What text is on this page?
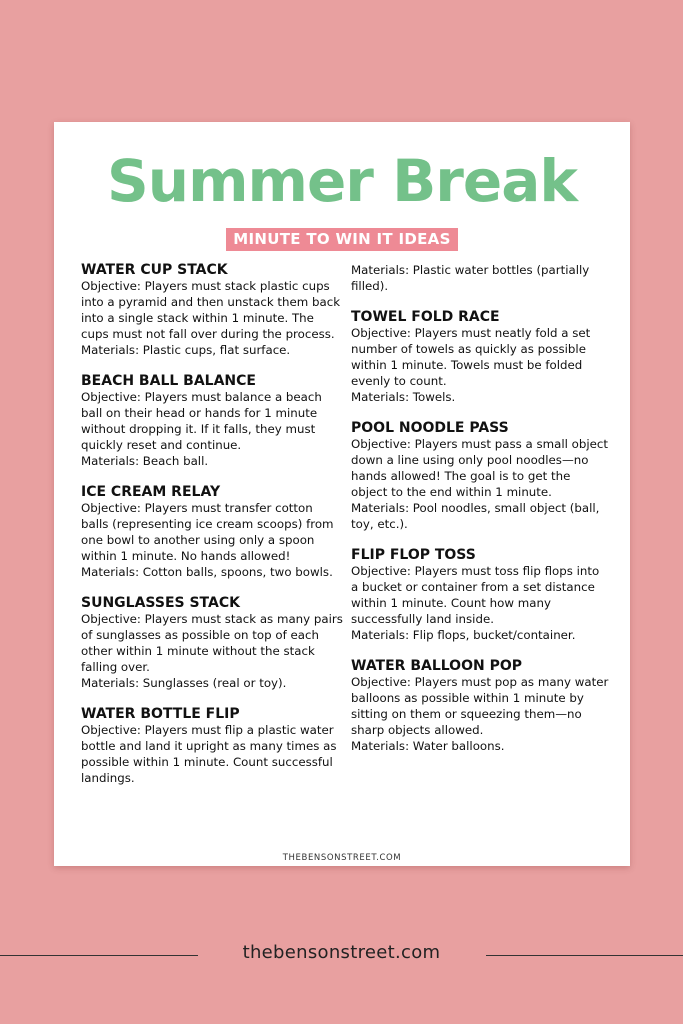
Summer Break
MINUTE TO WIN IT IDEAS
WATER CUP STACK
Objective: Players must stack plastic cups into a pyramid and then unstack them back into a single stack within 1 minute. The cups must not fall over during the process.
Materials: Plastic cups, flat surface.
BEACH BALL BALANCE
Objective: Players must balance a beach ball on their head or hands for 1 minute without dropping it. If it falls, they must quickly reset and continue.
Materials: Beach ball.
ICE CREAM RELAY
Objective: Players must transfer cotton balls (representing ice cream scoops) from one bowl to another using only a spoon within 1 minute. No hands allowed!
Materials: Cotton balls, spoons, two bowls.
SUNGLASSES STACK
Objective: Players must stack as many pairs of sunglasses as possible on top of each other within 1 minute without the stack falling over.
Materials: Sunglasses (real or toy).
WATER BOTTLE FLIP
Objective: Players must flip a plastic water bottle and land it upright as many times as possible within 1 minute. Count successful landings.
Materials: Plastic water bottles (partially filled).
TOWEL FOLD RACE
Objective: Players must neatly fold a set number of towels as quickly as possible within 1 minute. Towels must be folded evenly to count.
Materials: Towels.
POOL NOODLE PASS
Objective: Players must pass a small object down a line using only pool noodles—no hands allowed! The goal is to get the object to the end within 1 minute.
Materials: Pool noodles, small object (ball, toy, etc.).
FLIP FLOP TOSS
Objective: Players must toss flip flops into a bucket or container from a set distance within 1 minute. Count how many successfully land inside.
Materials: Flip flops, bucket/container.
WATER BALLOON POP
Objective: Players must pop as many water balloons as possible within 1 minute by sitting on them or squeezing them—no sharp objects allowed.
Materials: Water balloons.
THEBENSONSTREET.COM
thebensonstreet.com
